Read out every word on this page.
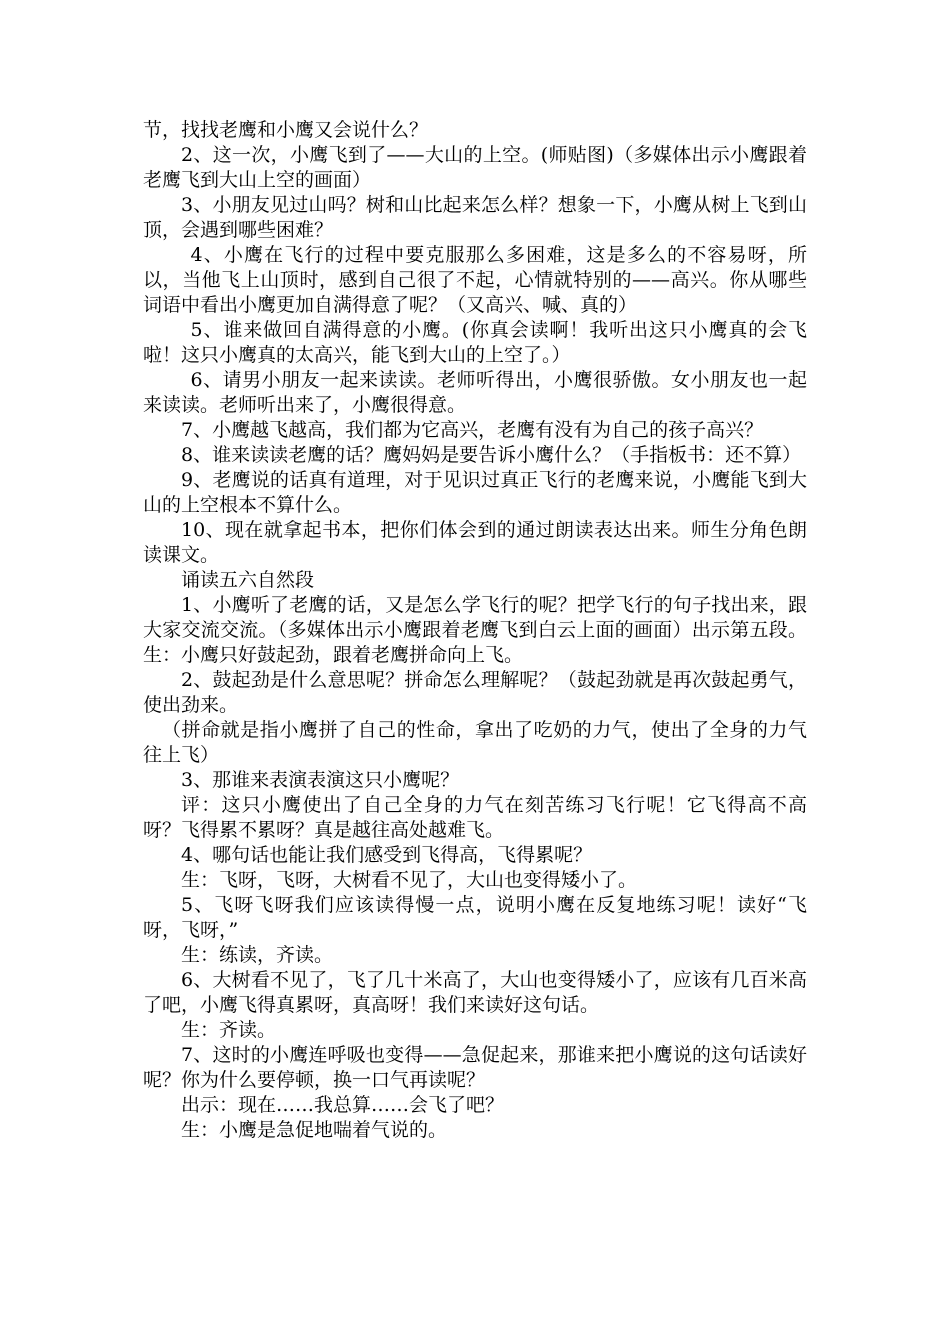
节，找找老鹰和小鹰又会说什么？

2、这一次，小鹰飞到了——大山的上空。(师贴图)（多媒体出示小鹰跟着老鹰飞到大山上空的画面）

3、小朋友见过山吗？树和山比起来怎么样？想象一下，小鹰从树上飞到山顶，会遇到哪些困难？

4、小鹰在飞行的过程中要克服那么多困难，这是多么的不容易呀，所以，当他飞上山顶时，感到自己很了不起，心情就特别的——高兴。你从哪些词语中看出小鹰更加自满得意了呢？（又高兴、喊、真的）

5、谁来做回自满得意的小鹰。(你真会读啊！我听出这只小鹰真的会飞啦！这只小鹰真的太高兴，能飞到大山的上空了。）

6、请男小朋友一起来读读。老师听得出，小鹰很骄傲。女小朋友也一起来读读。老师听出来了，小鹰很得意。

7、小鹰越飞越高，我们都为它高兴，老鹰有没有为自己的孩子高兴？

8、谁来读读老鹰的话？鹰妈妈是要告诉小鹰什么？（手指板书：还不算）

9、老鹰说的话真有道理，对于见识过真正飞行的老鹰来说，小鹰能飞到大山的上空根本不算什么。

10、现在就拿起书本，把你们体会到的通过朗读表达出来。师生分角色朗读课文。

诵读五六自然段

1、小鹰听了老鹰的话，又是怎么学飞行的呢？把学飞行的句子找出来，跟大家交流交流。（多媒体出示小鹰跟着老鹰飞到白云上面的画面）出示第五段。生：小鹰只好鼓起劲，跟着老鹰拼命向上飞。

2、鼓起劲是什么意思呢？拼命怎么理解呢？（鼓起劲就是再次鼓起勇气，使出劲来。

（拼命就是指小鹰拼了自己的性命，拿出了吃奶的力气，使出了全身的力气往上飞）

3、那谁来表演表演这只小鹰呢？

评：这只小鹰使出了自己全身的力气在刻苦练习飞行呢！它飞得高不高呀？飞得累不累呀？真是越往高处越难飞。

4、哪句话也能让我们感受到飞得高，飞得累呢？

生：飞呀，飞呀，大树看不见了，大山也变得矮小了。

5、飞呀飞呀我们应该读得慢一点，说明小鹰在反复地练习呢！读好“飞呀，飞呀，”

生：练读，齐读。

6、大树看不见了，飞了几十米高了，大山也变得矮小了，应该有几百米高了吧，小鹰飞得真累呀，真高呀！我们来读好这句话。

生：齐读。

7、这时的小鹰连呼吸也变得——急促起来，那谁来把小鹰说的这句话读好呢？你为什么要停顿，换一口气再读呢？

出示：现在……我总算……会飞了吧？

生：小鹰是急促地喘着气说的。
